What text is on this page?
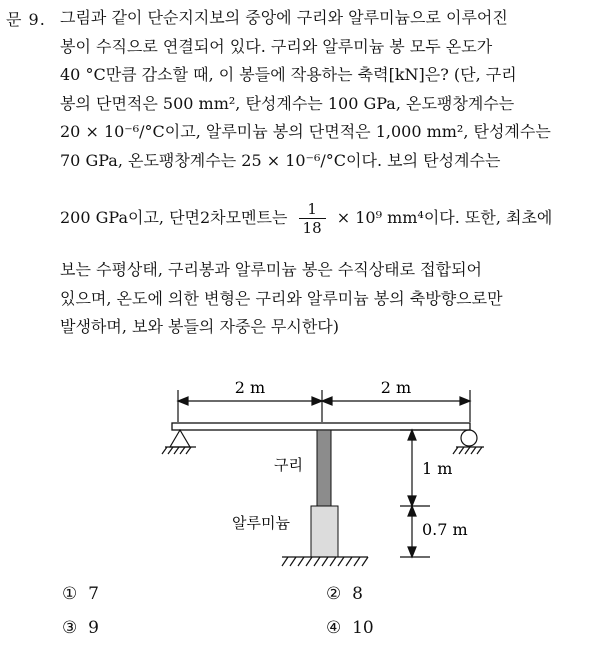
문 9. 그림과 같이 단순지지보의 중앙에 구리와 알루미늄으로 이루어진
봉이 수직으로 연결되어 있다. 구리와 알루미늄 봉 모두 온도가
40 °C만큼 감소할 때, 이 봉들에 작용하는 축력[kN]은? (단, 구리
봉의 단면적은 500 mm², 탄성계수는 100 GPa, 온도팽창계수는
20 × 10⁻⁶/°C이고, 알루미늄 봉의 단면적은 1,000 mm², 탄성계수는
70 GPa, 온도팽창계수는 25 × 10⁻⁶/°C이다. 보의 탄성계수는
200 GPa이고, 단면2차모멘트는 $\frac{1}{18} \times 10^9$ mm⁴이다. 또한, 최초에
보는 수평상태, 구리봉과 알루미늄 봉은 수직상태로 접합되어
있으며, 온도에 의한 변형은 구리와 알루미늄 봉의 축방향으로만
발생하며, 보와 봉들의 자중은 무시한다)
2 m	2 m
구리
알루미늄
1 m
0.7 m
① 7	② 8
③ 9	④ 10
